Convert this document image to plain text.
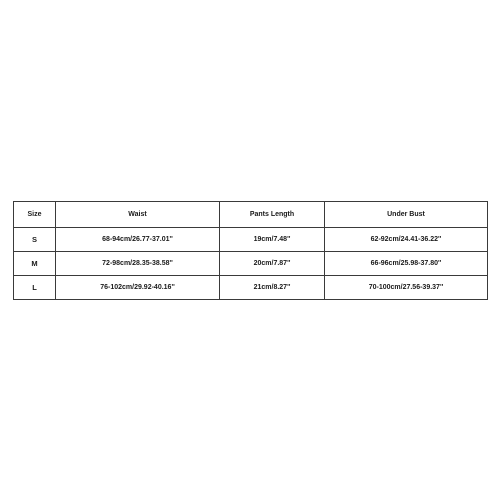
Size	Waist	Pants Length	Under Bust
S	68-94cm/26.77-37.01''	19cm/7.48''	62-92cm/24.41-36.22''
M	72-98cm/28.35-38.58''	20cm/7.87''	66-96cm/25.98-37.80''
L	76-102cm/29.92-40.16''	21cm/8.27''	70-100cm/27.56-39.37''
